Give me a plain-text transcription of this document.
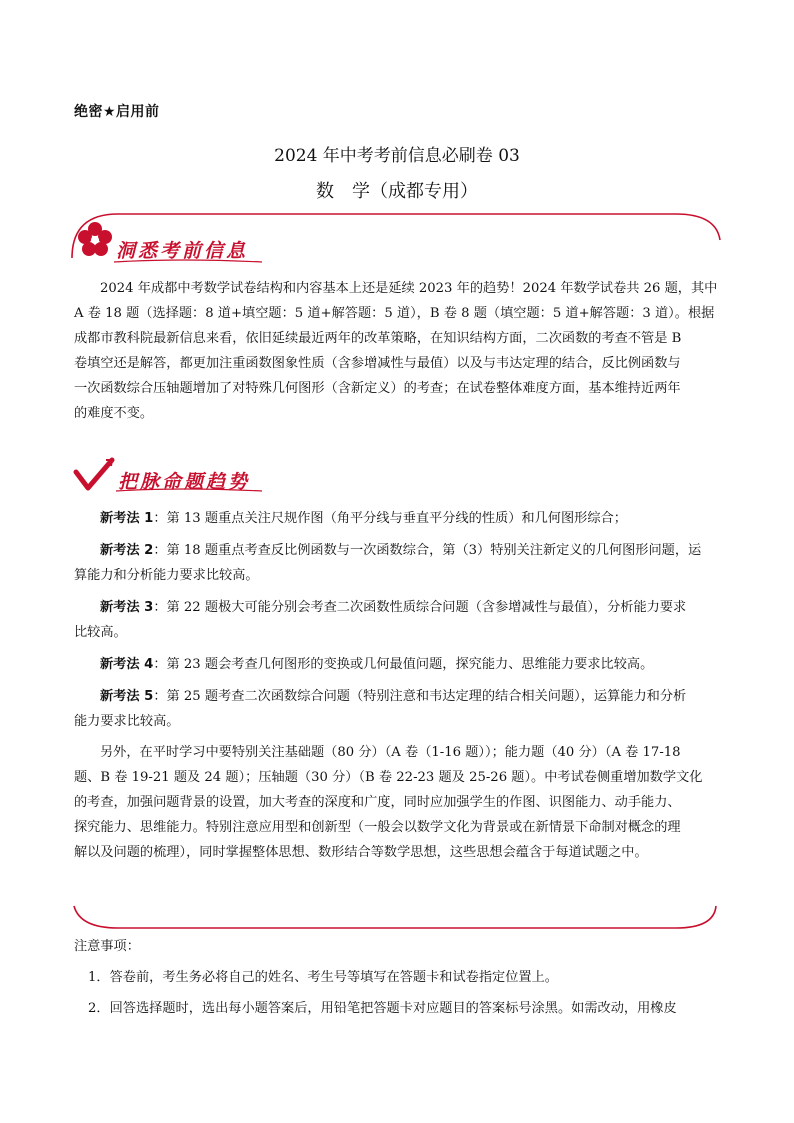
绝密★启用前
2024 年中考考前信息必刷卷 03
数 学（成都专用）
洞悉考前信息

2024 年成都中考数学试卷结构和内容基本上还是延续 2023 年的趋势！2024 年数学试卷共 26 题，其中

A 卷 18 题（选择题：8 道+填空题：5 道+解答题：5 道），B 卷 8 题（填空题：5 道+解答题：3 道）。根据

成都市教科院最新信息来看，依旧延续最近两年的改革策略，在知识结构方面，二次函数的考查不管是 B

卷填空还是解答，都更加注重函数图象性质（含参增减性与最值）以及与韦达定理的结合，反比例函数与

一次函数综合压轴题增加了对特殊几何图形（含新定义）的考查；在试卷整体难度方面，基本维持近两年

的难度不变。

把脉命题趋势

新考法 1：第 13 题重点关注尺规作图（角平分线与垂直平分线的性质）和几何图形综合；

新考法 2：第 18 题重点考查反比例函数与一次函数综合，第（3）特别关注新定义的几何图形问题，运

算能力和分析能力要求比较高。

新考法 3：第 22 题极大可能分别会考查二次函数性质综合问题（含参增减性与最值），分析能力要求

比较高。

新考法 4：第 23 题会考查几何图形的变换或几何最值问题，探究能力、思维能力要求比较高。

新考法 5：第 25 题考查二次函数综合问题（特别注意和韦达定理的结合相关问题），运算能力和分析

能力要求比较高。

另外，在平时学习中要特别关注基础题（80 分）（A 卷（1-16 题））；能力题（40 分）（A 卷 17-18

题、B 卷 19-21 题及 24 题）；压轴题（30 分）（B 卷 22-23 题及 25-26 题）。中考试卷侧重增加数学文化

的考查，加强问题背景的设置，加大考查的深度和广度，同时应加强学生的作图、识图能力、动手能力、

探究能力、思维能力。特别注意应用型和创新型（一般会以数学文化为背景或在新情景下命制对概念的理

解以及问题的梳理），同时掌握整体思想、数形结合等数学思想，这些思想会蕴含于每道试题之中。

注意事项：

1．答卷前，考生务必将自己的姓名、考生号等填写在答题卡和试卷指定位置上。

2．回答选择题时，选出每小题答案后，用铅笔把答题卡对应题目的答案标号涂黑。如需改动，用橡皮
